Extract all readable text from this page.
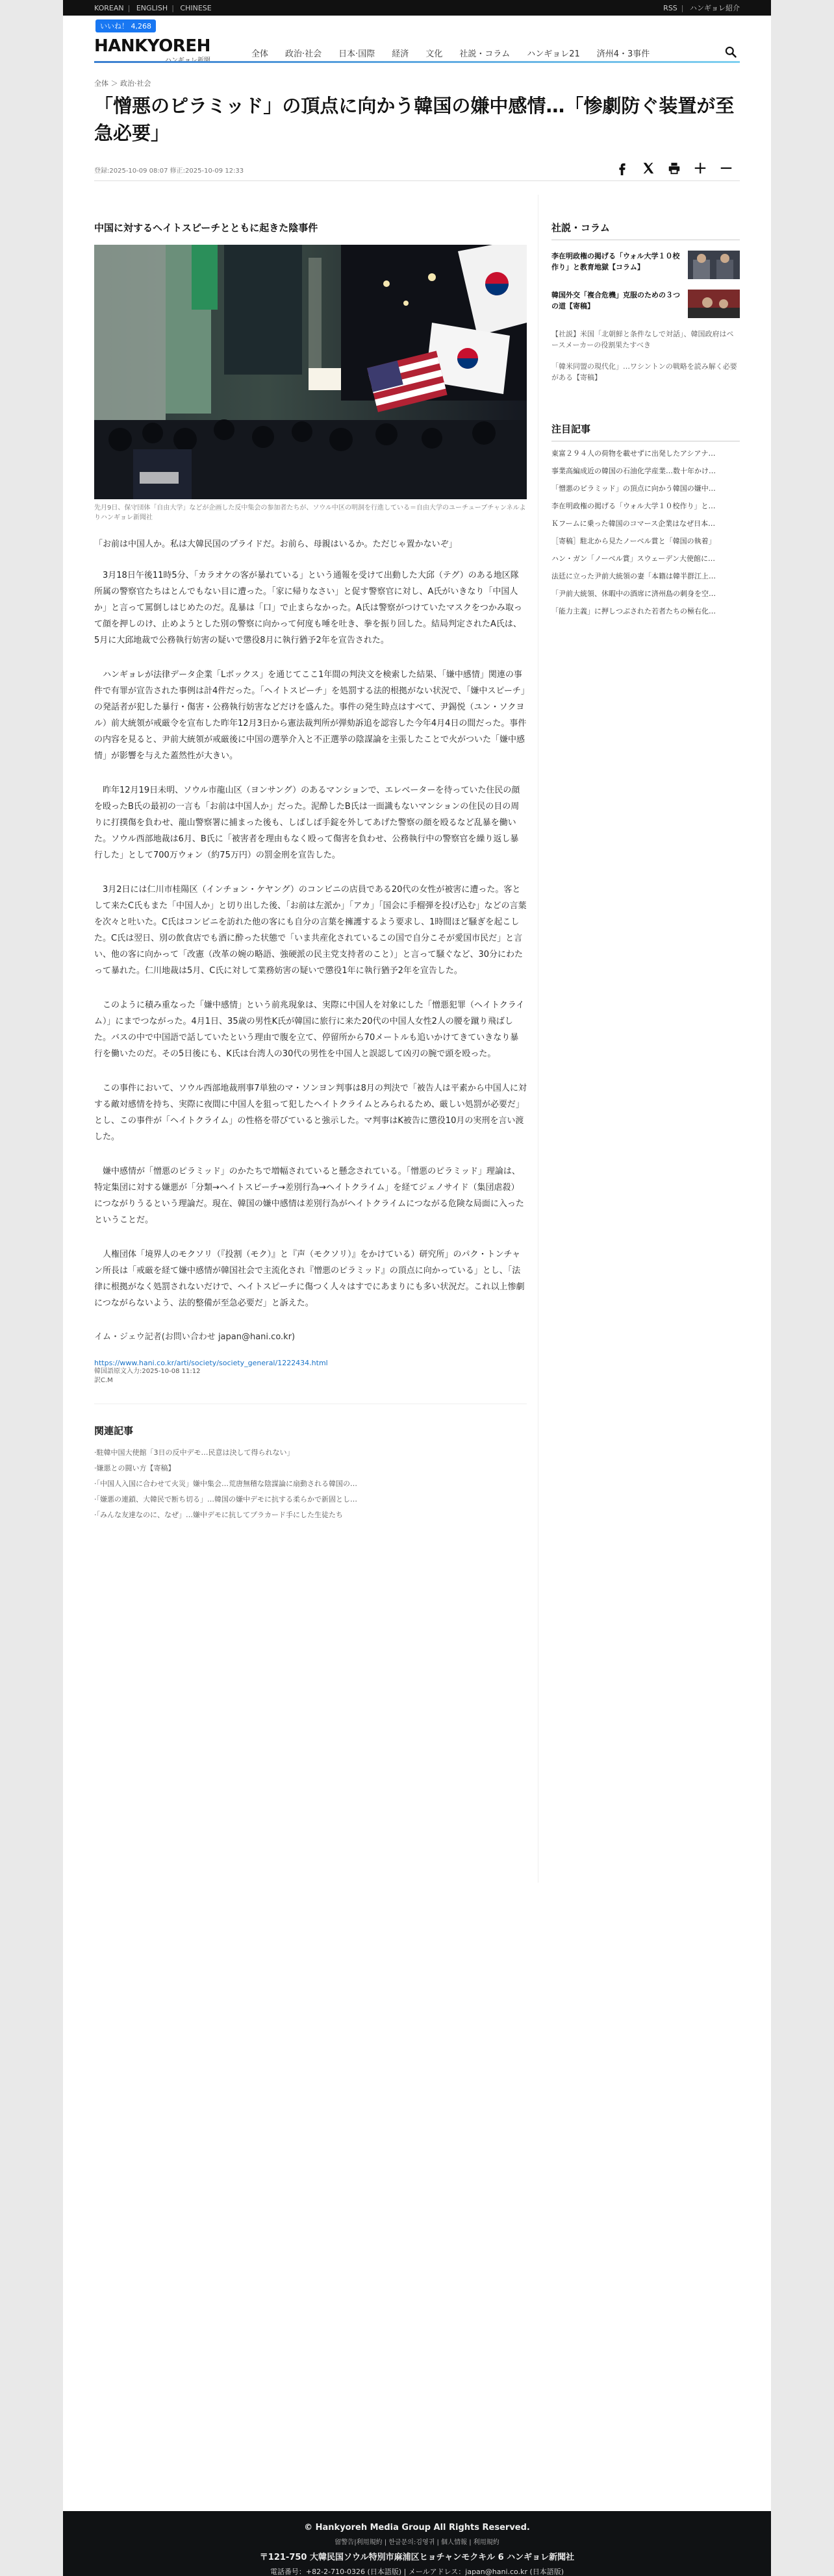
KOREAN | ENGLISH | CHINESE	RSS | ハンギョレ紹介
いいね！ 4,268
HANKYOREH	全体 政治·社会 日本·国際 経済 文化 社説・コラム ハンギョレ21 済州4・3事件
全体 ＞ 政治·社会
「憎悪のピラミッド」の頂点に向かう韓国の嫌中感情…「惨劇防ぐ装置が至急必要」
登録:2025-10-09 08:07 修正:2025-10-09 12:33
中国に対するヘイトスピーチとともに起きた陰事件
先月9日、保守団体「自由大学」などが企画した反中集会の参加者たちが、ソウル中区の明洞を行進している＝自由大学のユーチューブチャンネルよりハンギョレ新聞社

「お前は中国人か。私は大韓民国のプライドだ。お前ら、母親はいるか。ただじゃ置かないぞ」

3月18日午後11時5分、「カラオケの客が暴れている」という通報を受けて出動した大邱（テグ）のある地区隊所属の警察官たちはとんでもない目に遭った。「家に帰りなさい」と促す警察官に対し、A氏がいきなり「中国人か」と言って罵倒しはじめたのだ。乱暴は「口」で止まらなかった。A氏は警察がつけていたマスクをつかみ取って顔を押しのけ、止めようとした別の警察に向かって何度も唾を吐き、拳を振り回した。結局判定されたA氏は、5月に大邱地裁で公務執行妨害の疑いで懲役8月に執行猶予2年を宣告された。

ハンギョレが法律データ企業「Lボックス」を通じてここ1年間の判決文を検索した結果、「嫌中感情」関連の事件で有罪が宣告された事例は計4件だった。「ヘイトスピーチ」を処罰する法的根拠がない状況で、「嫌中スピーチ」の発話者が犯した暴行・傷害・公務執行妨害などだけを盛んた。事件の発生時点はすべて、尹錫悦（ユン・ソクヨル）前大統領が戒厳令を宣布した昨年12月3日から憲法裁判所が弾劾訴追を認容した今年4月4日の間だった。事件の内容を見ると、尹前大統領が戒厳後に中国の選挙介入と不正選挙の陰謀論を主張したことで火がついた「嫌中感情」が影響を与えた蓋然性が大きい。

昨年12月19日未明、ソウル市龍山区（ヨンサング）のあるマンションで、エレベーターを待っていた住民の顔を殴ったB氏の最初の一言も「お前は中国人か」だった。泥酔したB氏は一面識もないマンションの住民の目の周りに打撲傷を負わせ、龍山警察署に捕まった後も、しばしば手錠を外してあげた警察の顔を殴るなど乱暴を働いた。ソウル西部地裁は6月、B氏に「被害者を理由もなく殴って傷害を負わせ、公務執行中の警察官を繰り返し暴行した」として700万ウォン（約75万円）の罰金刑を宣告した。

3月2日には仁川市桂陽区（インチョン・ケヤング）のコンビニの店員である20代の女性が被害に遭った。客として来たC氏もまた「中国人か」と切り出した後、「お前は左派か」「アカ」「国会に手榴弾を投げ込む」などの言葉を次々と吐いた。C氏はコンビニを訪れた他の客にも自分の言葉を擁護するよう要求し、1時間ほど騒ぎを起こした。C氏は翌日、別の飲食店でも酒に酔った状態で「いま共産化されているこの国で自分こそが愛国市民だ」と言い、他の客に向かって「改憲（改革の婉の略語、強硬派の民主党支持者のこと）」と言って騒ぐなど、30分にわたって暴れた。仁川地裁は5月、C氏に対して業務妨害の疑いで懲役1年に執行猶予2年を宣告した。

このように積み重なった「嫌中感情」という前兆現象は、実際に中国人を対象にした「憎悪犯罪（ヘイトクライム）」にまでつながった。4月1日、35歳の男性K氏が韓国に旅行に来た20代の中国人女性2人の腰を蹴り飛ばした。バスの中で中国語で話していたという理由で腹を立て、停留所から70メートルも追いかけてきていきなり暴行を働いたのだ。その5日後にも、K氏は台湾人の30代の男性を中国人と誤認して凶刃の腕で頭を殴った。

この事件において、ソウル西部地裁刑事7単独のマ・ソンヨン判事は8月の判決で「被告人は平素から中国人に対する敵対感情を持ち、実際に夜間に中国人を狙って犯したヘイトクライムとみられるため、厳しい処罰が必要だ」とし、この事件が「ヘイトクライム」の性格を帯びていると強示した。マ判事はK被告に懲役10月の実刑を言い渡した。

嫌中感情が「憎悪のピラミッド」のかたちで増幅されていると懸念されている。「憎悪のピラミッド」理論は、特定集団に対する嫌悪が「分類→ヘイトスピーチ→差別行為→ヘイトクライム」を経てジェノサイド（集団虐殺）につながりうるという理論だ。現在、韓国の嫌中感情は差別行為がヘイトクライムにつながる危険な局面に入ったということだ。

人権団体「境界人のモクソリ（『投割（モク）』と『声（モクソリ）』をかけている）研究所」のパク・トンチャン所長は「戒厳を経て嫌中感情が韓国社会で主流化され『憎悪のピラミッド』の頂点に向かっている」とし、「法律に根拠がなく処罰されないだけで、ヘイトスピーチに傷つく人々はすでにあまりにも多い状況だ。これ以上惨劇につながらないよう、法的整備が至急必要だ」と訴えた。

イム・ジェウ記者(お問い合わせ japan@hani.co.kr)

https://www.hani.co.kr/arti/society/society_general/1222434.html

韓国語原文入力:2025-10-08 11:12

訳C.M

関連記事
·駐韓中国大使館「3日の反中デモ…民意は決して得られない」
·嫌悪との闘い方【寄稿】
·「中国人入国に合わせて火災」嫌中集会…荒唐無稽な陰謀論に扇動される韓国の…
·「嫌悪の連鎖、大韓民で断ち切る」…韓国の嫌中デモに抗する柔らかで新固とし…
·「みんな友達なのに、なぜ」…嫌中デモに抗してプラカード手にした生徒たち
社説・コラム
李在明政権の掲げる「ウォル大学１０校作り」と教育地獄【コラム】
韓国外交「複合危機」克服のための３つの道【寄稿】

【社説】米国「北朝鮮と条件なしで対話」、韓国政府はペースメーカーの役割果たすべき

「韓米同盟の現代化」…ワシントンの戦略を読み解く必要がある【寄稿】

注目記事
東富２９４人の荷物を載せずに出発したアシアナ…
事業高編成近の韓国の石油化学産業…数十年かけ…
「憎悪のピラミッド」の頂点に向かう韓国の嫌中…
李在明政権の掲げる「ウォル大学１０校作り」と…
Ｋフームに乗った韓国のコマース企業はなぜ日本…
［寄稿］駐北から見たノーベル賞と「韓国の執着」
ハン・ガン「ノーベル賞」スウェーデン大使館に…
法廷に立った尹前大統領の妻「本籍は韓半群江上…
「尹前大統領、休暇中の酒席に済州島の刺身を空…
「能力主義」に押しつぶされた若者たちの極右化…
© Hankyoreh Media Group All Rights Reserved.
留警告|利用規約 | 한글문의:김영귀 | 個人情報 | 利用規約
〒121-750 大韓民国ソウル特別市麻浦区ヒョチャンモクキル 6 ハンギョレ新聞社
電話番号：+82-2-710-0326 (日本語版) | メールアドレス：japan@hani.co.kr (日本語版)
